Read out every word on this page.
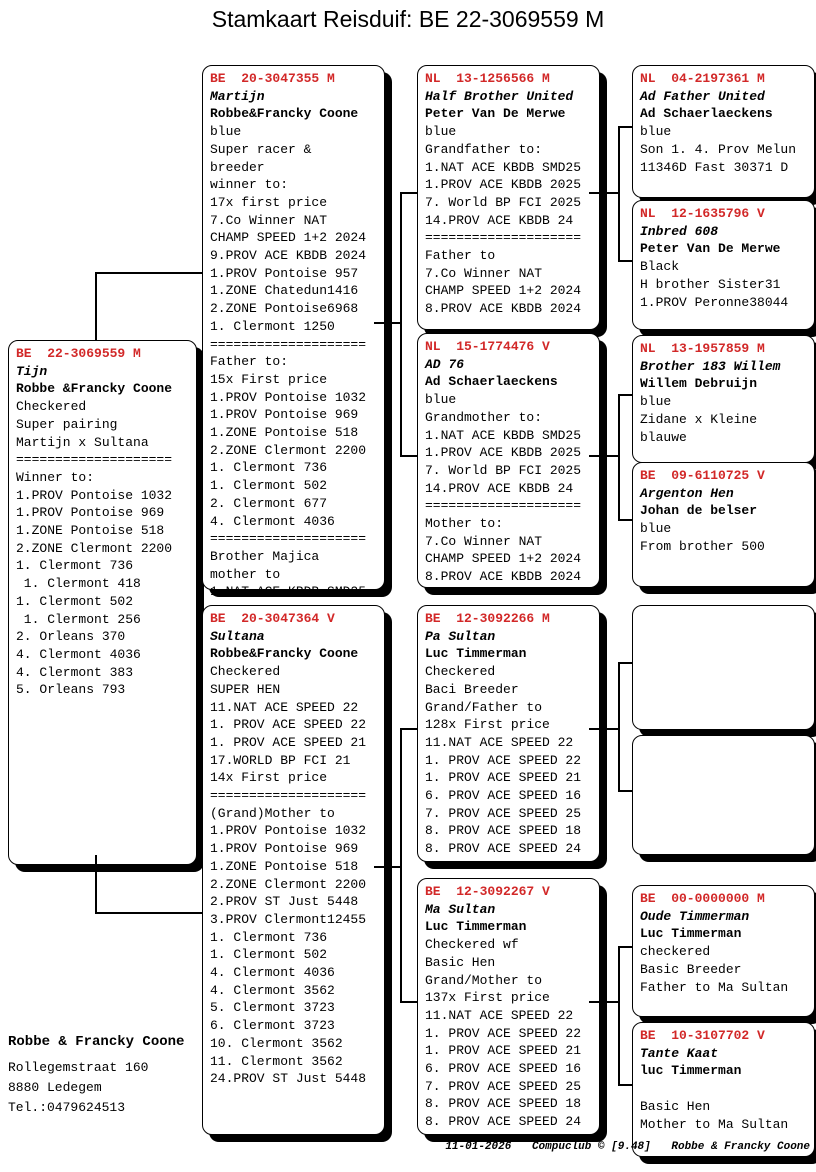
Stamkaart Reisduif: BE 22-3069559 M
BE  22-3069559 M
Tijn
Robbe &Francky Coone
Checkered
Super pairing
Martijn x Sultana
====================
Winner to:
1.PROV Pontoise 1032
1.PROV Pontoise 969
1.ZONE Pontoise 518
2.ZONE Clermont 2200
1. Clermont 736
1. Clermont 418
1. Clermont 502
1. Clermont 256
2. Orleans 370
4. Clermont 4036
4. Clermont 383
5. Orleans 793
BE  20-3047355 M
Martijn
Robbe&Francky Coone
blue
Super racer &
breeder
winner to:
17x first price
7.Co Winner NAT
CHAMP SPEED 1+2 2024
9.PROV ACE KBDB 2024
1.PROV Pontoise 957
1.ZONE Chatedun1416
2.ZONE Pontoise6968
1. Clermont 1250
====================
Father to:
15x First price
1.PROV Pontoise 1032
1.PROV Pontoise 969
1.ZONE Pontoise 518
2.ZONE Clermont 2200
1. Clermont 736
1. Clermont 502
2. Clermont 677
4. Clermont 4036
====================
Brother Majica
mother to
1.NAT ACE KBDB SMD25
BE  20-3047364 V
Sultana
Robbe&Francky Coone
Checkered
SUPER HEN
11.NAT ACE SPEED 22
1. PROV ACE SPEED 22
1. PROV ACE SPEED 21
17.WORLD BP FCI 21
14x First price
====================
(Grand)Mother to
1.PROV Pontoise 1032
1.PROV Pontoise 969
1.ZONE Pontoise 518
2.ZONE Clermont 2200
2.PROV ST Just 5448
3.PROV Clermont12455
1. Clermont 736
1. Clermont 502
4. Clermont 4036
4. Clermont 3562
5. Clermont 3723
6. Clermont 3723
10. Clermont 3562
11. Clermont 3562
24.PROV ST Just 5448
NL  13-1256566 M
Half Brother United
Peter Van De Merwe
blue
Grandfather to:
1.NAT ACE KBDB SMD25
1.PROV ACE KBDB 2025
7. World BP FCI 2025
14.PROV ACE KBDB 24
====================
Father to
7.Co Winner NAT
CHAMP SPEED 1+2 2024
8.PROV ACE KBDB 2024
NL  15-1774476 V
AD 76
Ad Schaerlaeckens
blue
Grandmother to:
1.NAT ACE KBDB SMD25
1.PROV ACE KBDB 2025
7. World BP FCI 2025
14.PROV ACE KBDB 24
====================
Mother to:
7.Co Winner NAT
CHAMP SPEED 1+2 2024
8.PROV ACE KBDB 2024
BE  12-3092266 M
Pa Sultan
Luc Timmerman
Checkered
Baci Breeder
Grand/Father to
128x First price
11.NAT ACE SPEED 22
1. PROV ACE SPEED 22
1. PROV ACE SPEED 21
6. PROV ACE SPEED 16
7. PROV ACE SPEED 25
8. PROV ACE SPEED 18
8. PROV ACE SPEED 24
BE  12-3092267 V
Ma Sultan
Luc Timmerman
Checkered wf
Basic Hen
Grand/Mother to
137x First price
11.NAT ACE SPEED 22
1. PROV ACE SPEED 22
1. PROV ACE SPEED 21
6. PROV ACE SPEED 16
7. PROV ACE SPEED 25
8. PROV ACE SPEED 18
8. PROV ACE SPEED 24
NL  04-2197361 M
Ad Father United
Ad Schaerlaeckens
blue
Son 1. 4. Prov Melun
11346D Fast 30371 D
NL  12-1635796 V
Inbred 608
Peter Van De Merwe
Black
H brother Sister31
1.PROV Peronne38044
NL  13-1957859 M
Brother 183 Willem
Willem Debruijn
blue
Zidane x Kleine
blauwe
BE  09-6110725 V
Argenton Hen
Johan de belser
blue
From brother 500
BE  00-0000000 M
Oude Timmerman
Luc Timmerman
checkered
Basic Breeder
Father to Ma Sultan
BE  10-3107702 V
Tante Kaat
luc Timmerman

Basic Hen
Mother to Ma Sultan
Robbe & Francky Coone
Rollegemstraat 160
8880 Ledegem
Tel.:0479624513
11-01-2026 Compuclub © [9.48] Robbe & Francky Coone
